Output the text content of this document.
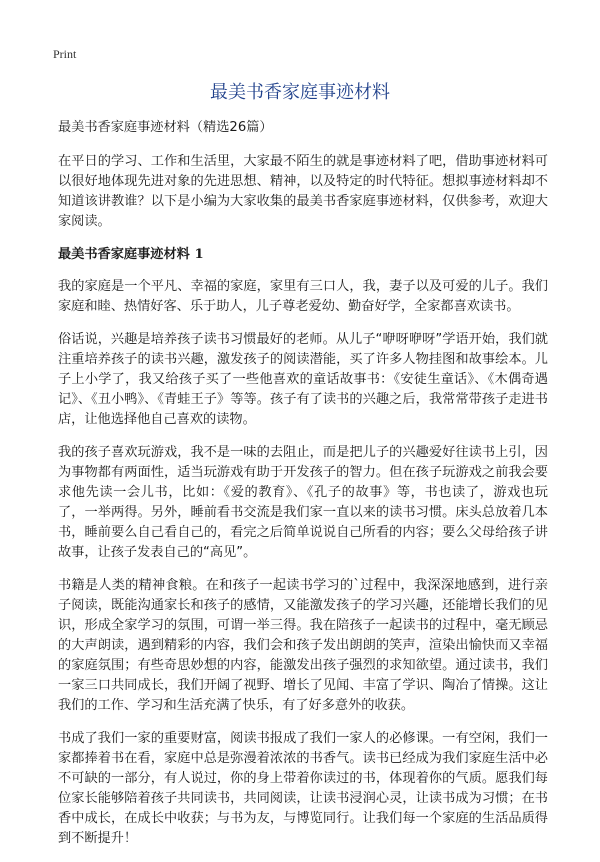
Print
最美书香家庭事迹材料
最美书香家庭事迹材料（精选26篇）

在平日的学习、工作和生活里，大家最不陌生的就是事迹材料了吧，借助事迹材料可以很好地体现先进对象的先进思想、精神，以及特定的时代特征。想拟事迹材料却不知道该讲教谁？以下是小编为大家收集的最美书香家庭事迹材料，仅供参考，欢迎大家阅读。

最美书香家庭事迹材料 1

我的家庭是一个平凡、幸福的家庭，家里有三口人，我，妻子以及可爱的儿子。我们家庭和睦、热情好客、乐于助人，儿子尊老爱幼、勤奋好学，全家都喜欢读书。

俗话说，兴趣是培养孩子读书习惯最好的老师。从儿子“咿呀咿呀”学语开始，我们就注重培养孩子的读书兴趣，激发孩子的阅读潜能，买了许多人物挂图和故事绘本。儿子上小学了，我又给孩子买了一些他喜欢的童话故事书：《安徒生童话》、《木偶奇遇记》、《丑小鸭》、《青蛙王子》等等。孩子有了读书的兴趣之后，我常常带孩子走进书店，让他选择他自己喜欢的读物。

我的孩子喜欢玩游戏，我不是一味的去阻止，而是把儿子的兴趣爱好往读书上引，因为事物都有两面性，适当玩游戏有助于开发孩子的智力。但在孩子玩游戏之前我会要求他先读一会儿书，比如：《爱的教育》、《孔子的故事》等，书也读了，游戏也玩了，一举两得。另外，睡前看书交流是我们家一直以来的读书习惯。床头总放着几本书，睡前要么自己看自己的，看完之后简单说说自己所看的内容；要么父母给孩子讲故事，让孩子发表自己的“高见”。

书籍是人类的精神食粮。在和孩子一起读书学习的`过程中，我深深地感到，进行亲子阅读，既能沟通家长和孩子的感情，又能激发孩子的学习兴趣，还能增长我们的见识，形成全家学习的氛围，可谓一举三得。我在陪孩子一起读书的过程中，毫无顾忌的大声朗读，遇到精彩的内容，我们会和孩子发出朗朗的笑声，渲染出愉快而又幸福的家庭氛围；有些奇思妙想的内容，能激发出孩子强烈的求知欲望。通过读书，我们一家三口共同成长，我们开阔了视野、增长了见闻、丰富了学识、陶冶了情操。这让我们的工作、学习和生活充满了快乐，有了好多意外的收获。

书成了我们一家的重要财富，阅读书报成了我们一家人的必修课。一有空闲，我们一家都捧着书在看，家庭中总是弥漫着浓浓的书香气。读书已经成为我们家庭生活中必不可缺的一部分，有人说过，你的身上带着你读过的书，体现着你的气质。愿我们每位家长能够陪着孩子共同读书，共同阅读，让读书浸润心灵，让读书成为习惯；在书香中成长，在成长中收获；与书为友，与博览同行。让我们每一个家庭的生活品质得到不断提升！
